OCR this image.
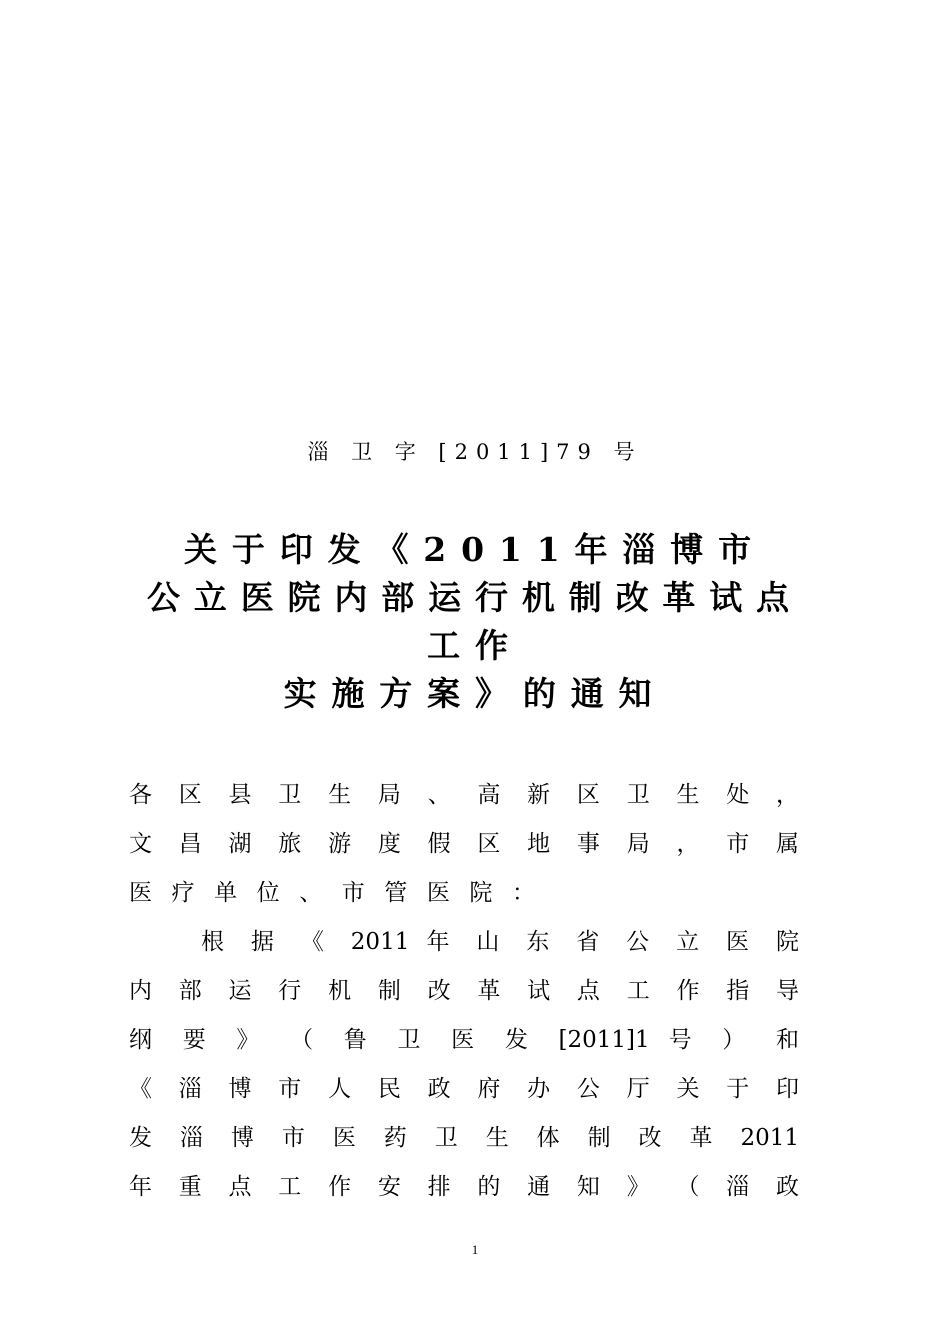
淄 卫 字 [2011]79 号
关于印发《2011年淄博市
公立医院内部运行机制改革试点
工作
实施方案》的通知
各 区 县 卫 生 局 、 高 新 区 卫 生 处 ，
文 昌 湖 旅 游 度 假 区 地 事 局 ， 市 属
医疗单位、市管医院：
根 据 《 2011 年 山 东 省 公 立 医 院
内 部 运 行 机 制 改 革 试 点 工 作 指 导
纲 要 》 （ 鲁 卫 医 发 [2011]1 号 ） 和
《 淄 博 市 人 民 政 府 办 公 厅 关 于 印
发 淄 博 市 医 药 卫 生 体 制 改 革 2011
年 重 点 工 作 安 排 的 通 知 》 （ 淄 政
1
